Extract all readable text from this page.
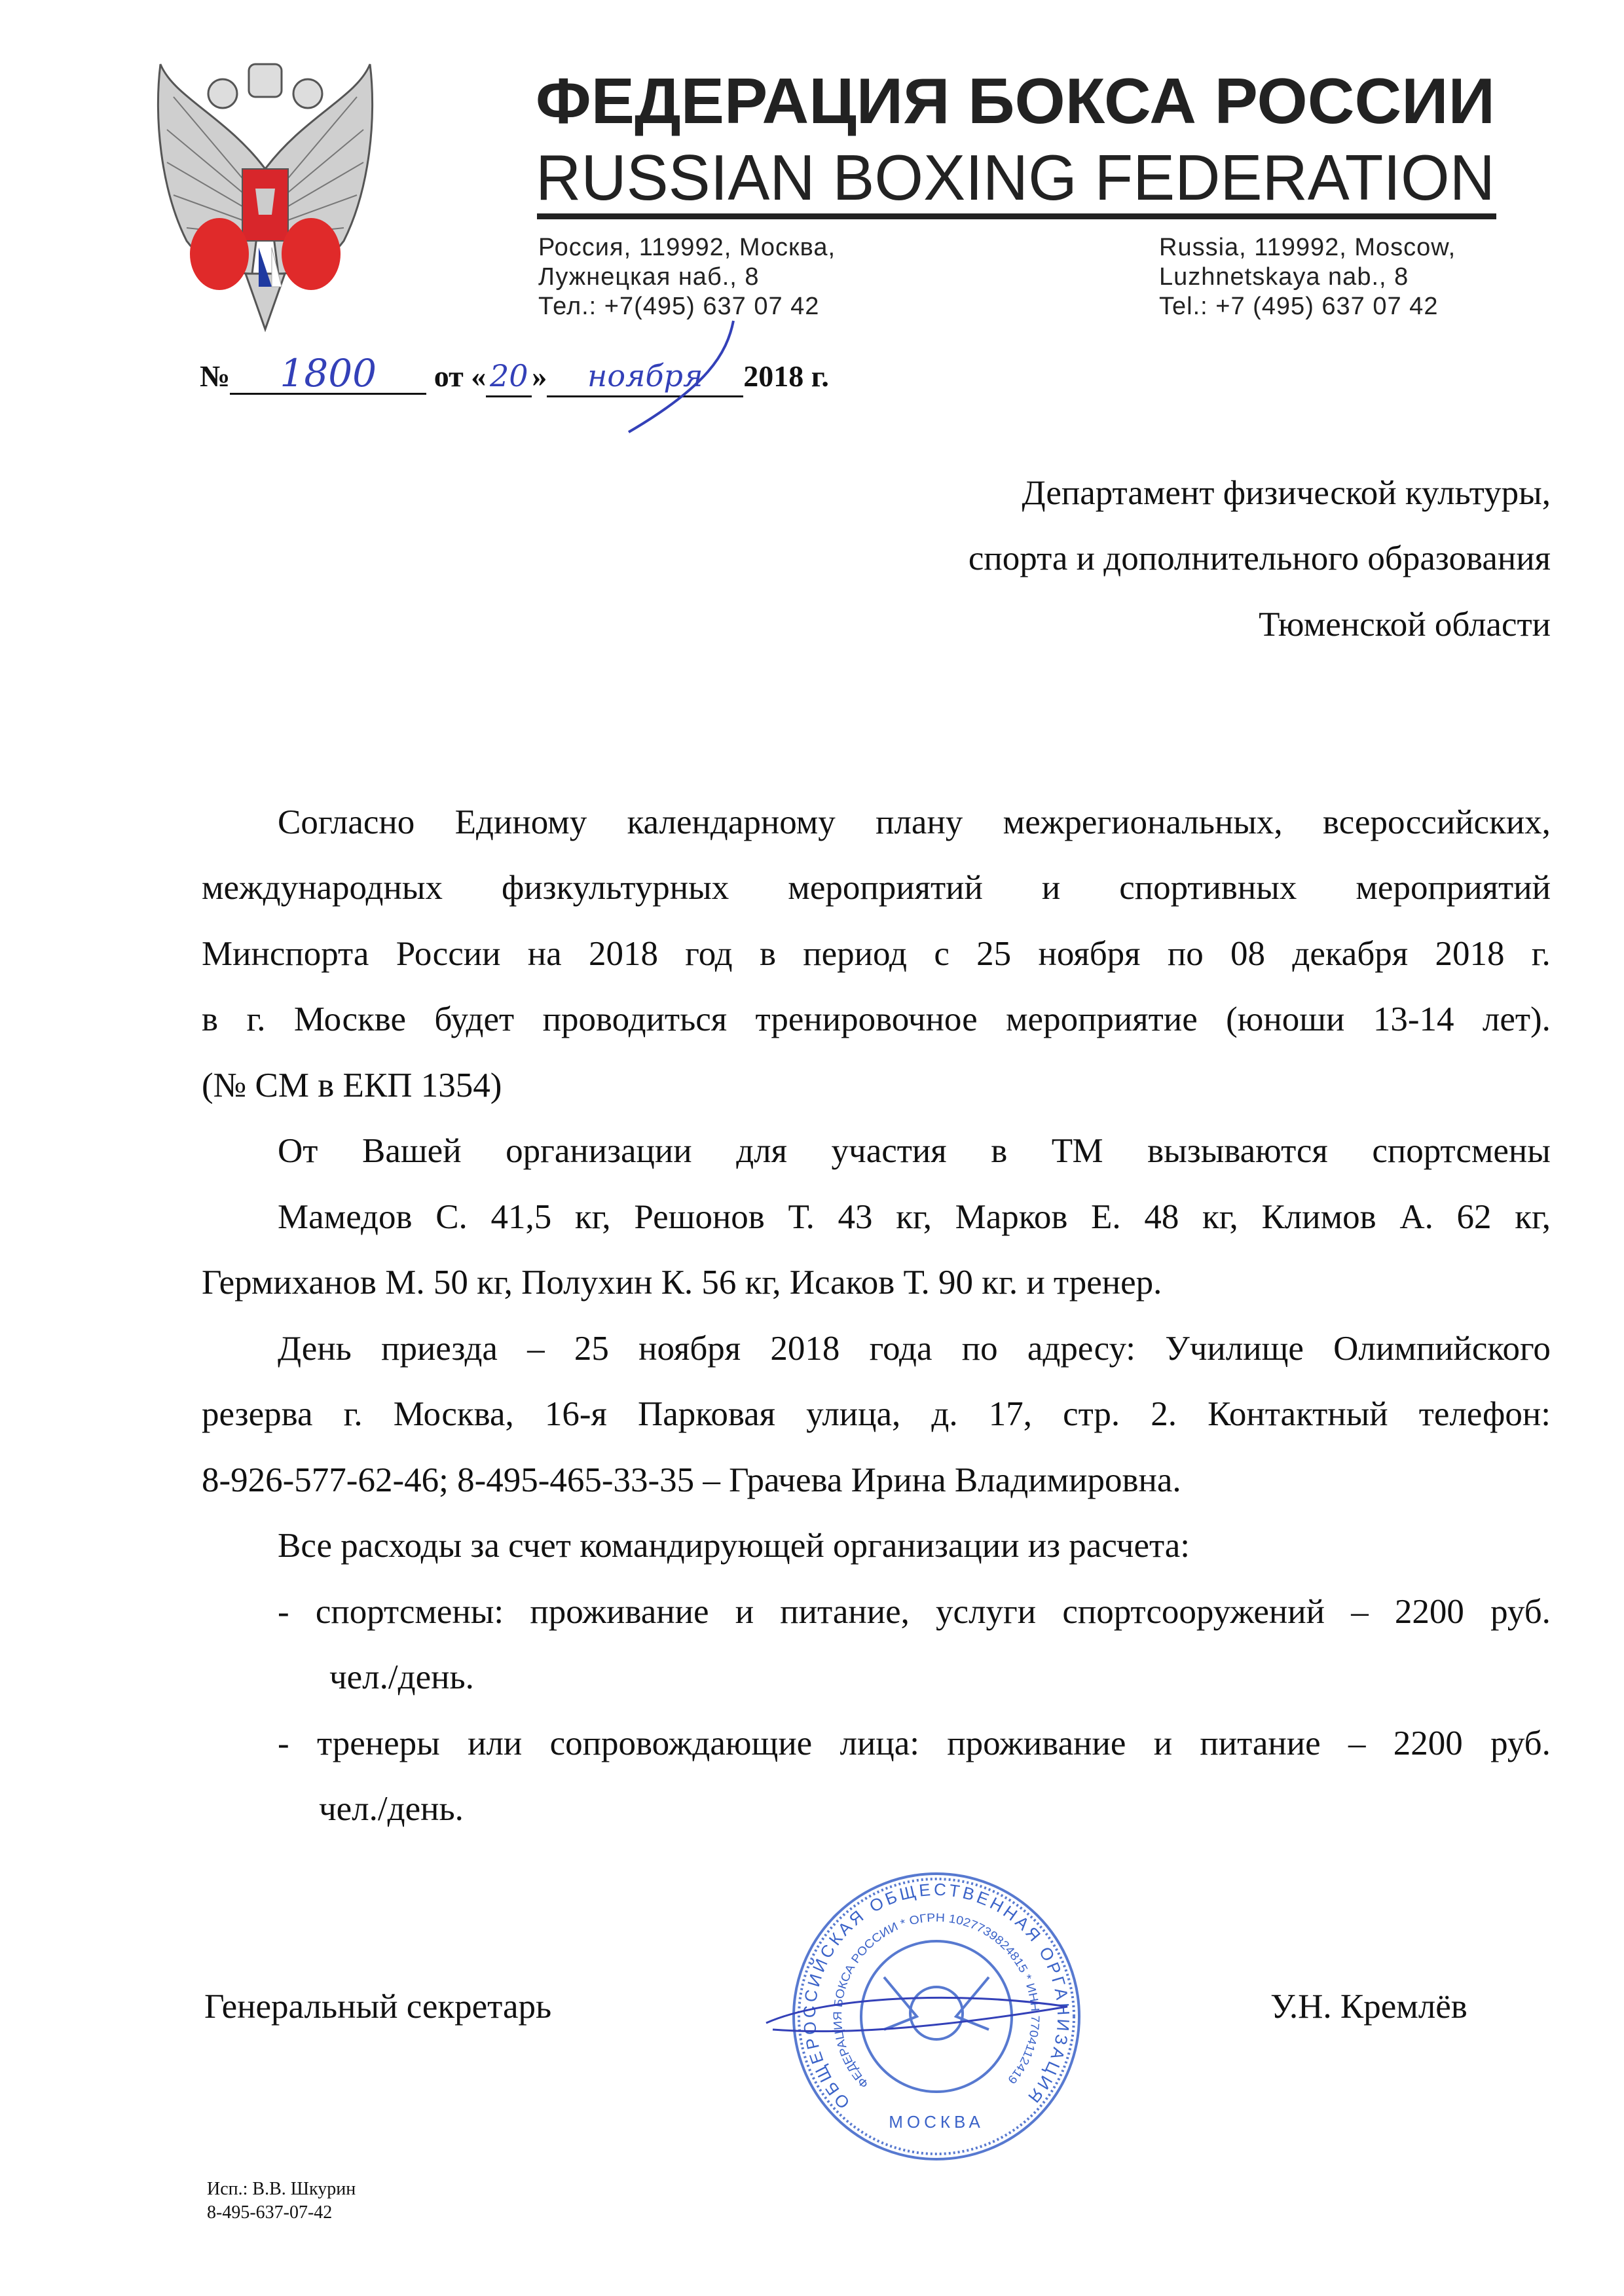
ФЕДЕРАЦИЯ БОКСА РОССИИ
RUSSIAN BOXING FEDERATION
Россия, 119992, Москва,
Лужнецкая наб., 8
Тел.: +7(495) 637 07 42
Russia, 119992, Moscow,
Luzhnetskaya nab., 8
Tel.: +7 (495) 637 07 42
№ 1800 от « 20 » ноября 2018 г.
Департамент физической культуры,
спорта и дополнительного образования
Тюменской области
Согласно Единому календарному плану межрегиональных, всероссийских,
международных физкультурных мероприятий и спортивных мероприятий
Минспорта России на 2018 год в период с 25 ноября по 08 декабря 2018 г.
в г. Москве будет проводиться тренировочное мероприятие (юноши 13-14 лет).
(№ СМ в ЕКП 1354)
От Вашей организации для участия в ТМ вызываются спортсмены
Мамедов С. 41,5 кг, Решонов Т. 43 кг, Марков Е. 48 кг, Климов А. 62 кг,
Гермиханов М. 50 кг, Полухин К. 56 кг, Исаков Т. 90 кг. и тренер.
День приезда – 25 ноября 2018 года по адресу: Училище Олимпийского
резерва г. Москва, 16-я Парковая улица, д. 17, стр. 2. Контактный телефон:
8-926-577-62-46; 8-495-465-33-35 – Грачева Ирина Владимировна.
Все расходы за счет командирующей организации из расчета:
- спортсмены: проживание и питание, услуги спортсооружений – 2200 руб.
чел./день.
- тренеры или сопровождающие лица: проживание и питание – 2200 руб.
чел./день.
Генеральный секретарь	У.Н. Кремлёв
ОБЩЕРОССИЙСКАЯ ОБЩЕСТВЕННАЯ ОРГАНИЗАЦИЯ
ФЕДЕРАЦИЯ БОКСА РОССИИ * ОГРН 1027739824815 * ИНН 7704112419
МОСКВА
Исп.: В.В. Шкурин
8-495-637-07-42
